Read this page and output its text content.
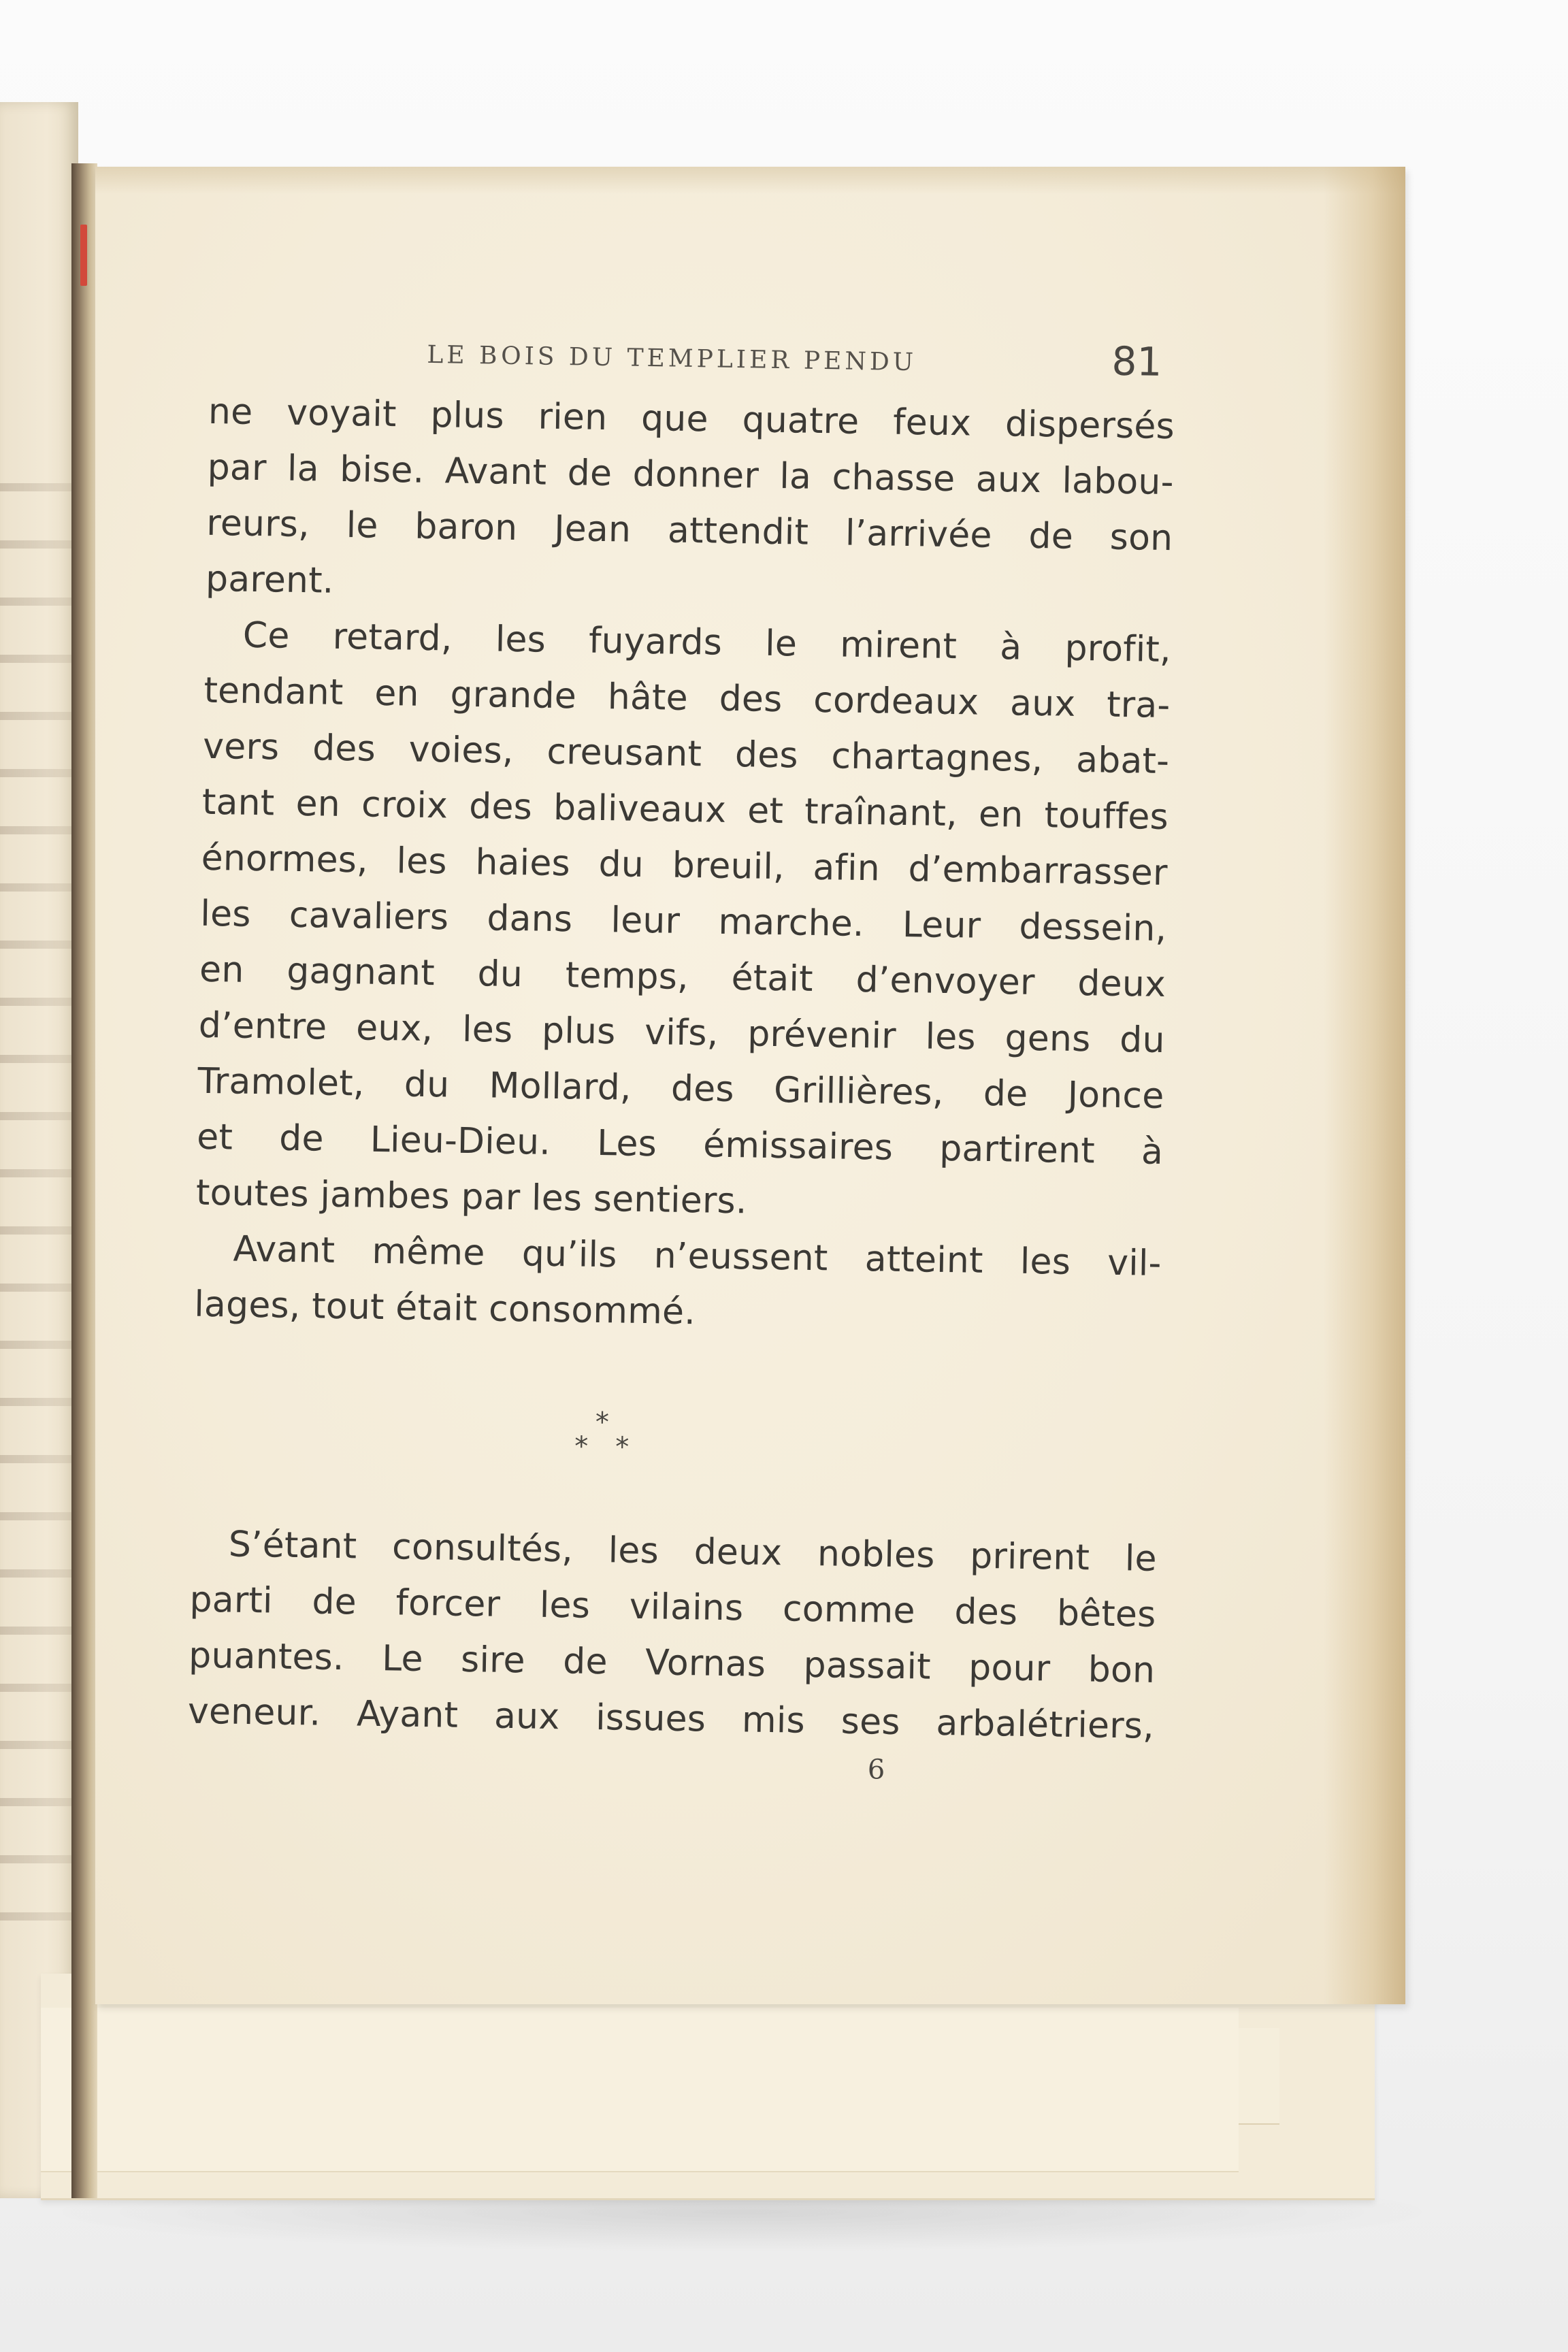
LE BOIS DU TEMPLIER PENDU	81

ne voyait plus rien que quatre feux dispersés

par la bise. Avant de donner la chasse aux labou-

reurs, le baron Jean attendit l’arrivée de son

parent.

Ce retard, les fuyards le mirent à profit,

tendant en grande hâte des cordeaux aux tra-

vers des voies, creusant des chartagnes, abat-

tant en croix des baliveaux et traînant, en touffes

énormes, les haies du breuil, afin d’embarrasser

les cavaliers dans leur marche. Leur dessein,

en gagnant du temps, était d’envoyer deux

d’entre eux, les plus vifs, prévenir les gens du

Tramolet, du Mollard, des Grillières, de Jonce

et de Lieu-Dieu. Les émissaires partirent à

toutes jambes par les sentiers.

Avant même qu’ils n’eussent atteint les vil-

lages, tout était consommé.

*
* *

S’étant consultés, les deux nobles prirent le

parti de forcer les vilains comme des bêtes

puantes. Le sire de Vornas passait pour bon

veneur. Ayant aux issues mis ses arbalétriers,

6
